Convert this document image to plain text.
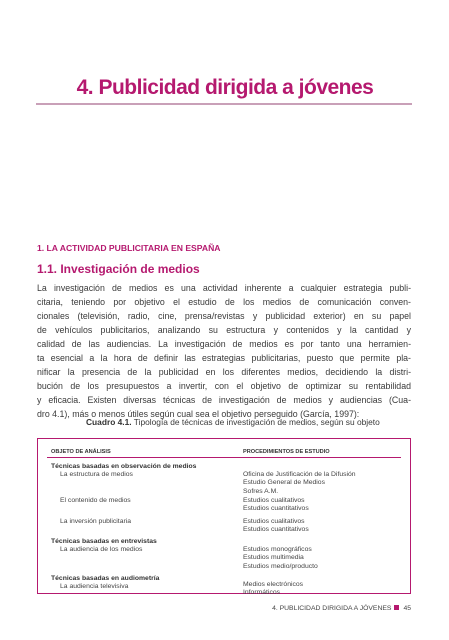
4. Publicidad dirigida a jóvenes
1. LA ACTIVIDAD PUBLICITARIA EN ESPAÑA
1.1. Investigación de medios
La investigación de medios es una actividad inherente a cualquier estrategia publi-
citaria, teniendo por objetivo el estudio de los medios de comunicación conven-
cionales (televisión, radio, cine, prensa/revistas y publicidad exterior) en su papel
de vehículos publicitarios, analizando su estructura y contenidos y la cantidad y
calidad de las audiencias. La investigación de medios es por tanto una herramien-
ta esencial a la hora de definir las estrategias publicitarias, puesto que permite pla-
nificar la presencia de la publicidad en los diferentes medios, decidiendo la distri-
bución de los presupuestos a invertir, con el objetivo de optimizar su rentabilidad
y eficacia. Existen diversas técnicas de investigación de medios y audiencias (Cua-
dro 4.1), más o menos útiles según cual sea el objetivo perseguido (García, 1997):
Cuadro 4.1. Tipología de técnicas de investigación de medios, según su objeto
OBJETO DE ANÁLISIS	PROCEDIMIENTOS DE ESTUDIO
Técnicas basadas en observación de medios
La estructura de medios	Oficina de Justificación de la Difusión
Estudio General de Medios
Sofres A.M.
El contenido de medios	Estudios cualitativos
Estudios cuantitativos
La inversión publicitaria	Estudios cualitativos
Estudios cuantitativos
Técnicas basadas en entrevistas
La audiencia de los medios	Estudios monográficos
Estudios multimedia
Estudios medio/producto
Técnicas basadas en audiometría
La audiencia televisiva	Medios electrónicos
Informáticos
4. PUBLICIDAD DIRIGIDA A JÓVENES 45
